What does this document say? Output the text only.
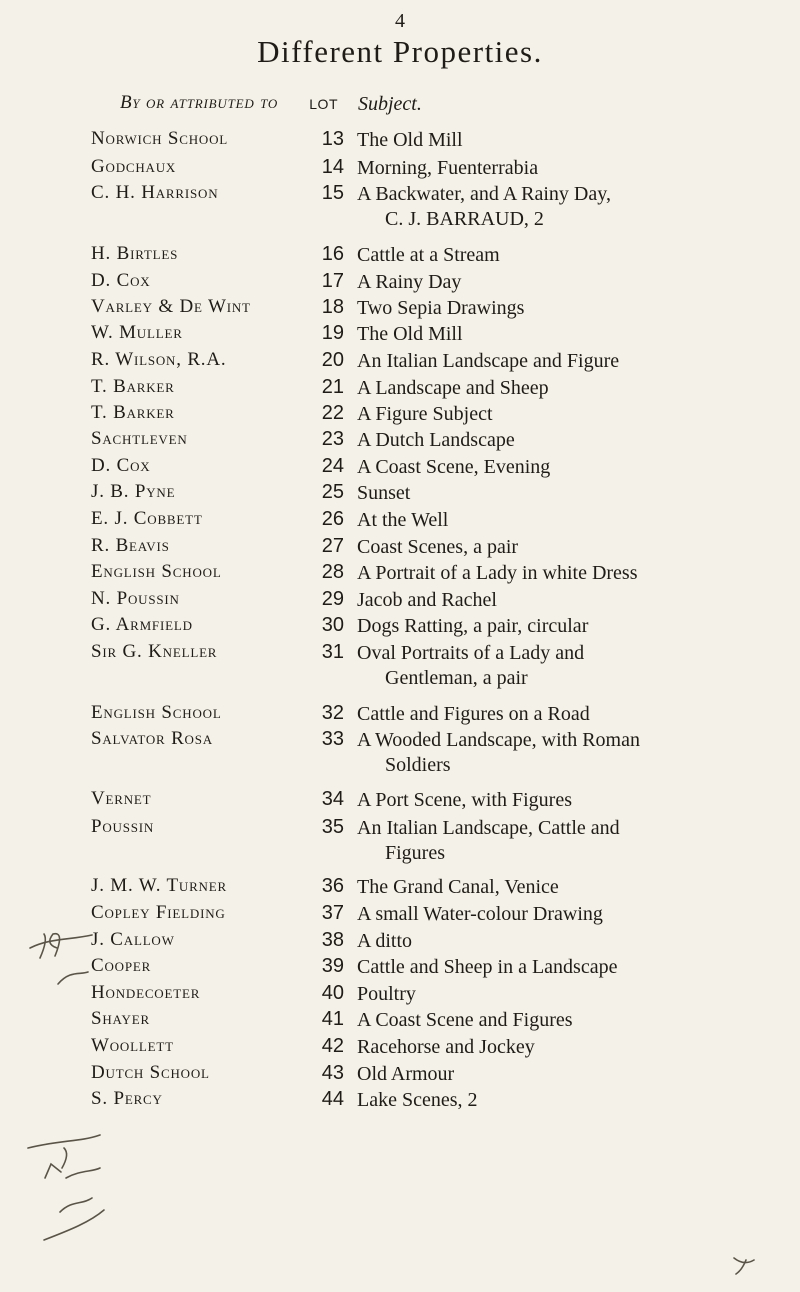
4
Different Properties.
By or attributed to	LOT Subject.
Norwich School	13 The Old Mill
Godchaux	14 Morning, Fuenterrabia
C. H. Harrison	15 A Backwater, and A Rainy Day,
C. J. BARRAUD, 2
H. Birtles	16 Cattle at a Stream
D. Cox	17 A Rainy Day
Varley & De Wint	18 Two Sepia Drawings
W. Muller	19 The Old Mill
R. Wilson, R.A.	20 An Italian Landscape and Figure
T. Barker	21 A Landscape and Sheep
T. Barker	22 A Figure Subject
Sachtleven	23 A Dutch Landscape
D. Cox	24 A Coast Scene, Evening
J. B. Pyne	25 Sunset
E. J. Cobbett	26 At the Well
R. Beavis	27 Coast Scenes, a pair
English School	28 A Portrait of a Lady in white Dress
N. Poussin	29 Jacob and Rachel
G. Armfield	30 Dogs Ratting, a pair, circular
Sir G. Kneller	31 Oval Portraits of a Lady and
Gentleman, a pair
English School	32 Cattle and Figures on a Road
Salvator Rosa	33 A Wooded Landscape, with Roman
Soldiers
Vernet	34 A Port Scene, with Figures
Poussin	35 An Italian Landscape, Cattle and
Figures
J. M. W. Turner	36 The Grand Canal, Venice
Copley Fielding	37 A small Water-colour Drawing
J. Callow	38 A ditto
Cooper	39 Cattle and Sheep in a Landscape
Hondecoeter	40 Poultry
Shayer	41 A Coast Scene and Figures
Woollett	42 Racehorse and Jockey
Dutch School	43 Old Armour
S. Percy	44 Lake Scenes, 2
